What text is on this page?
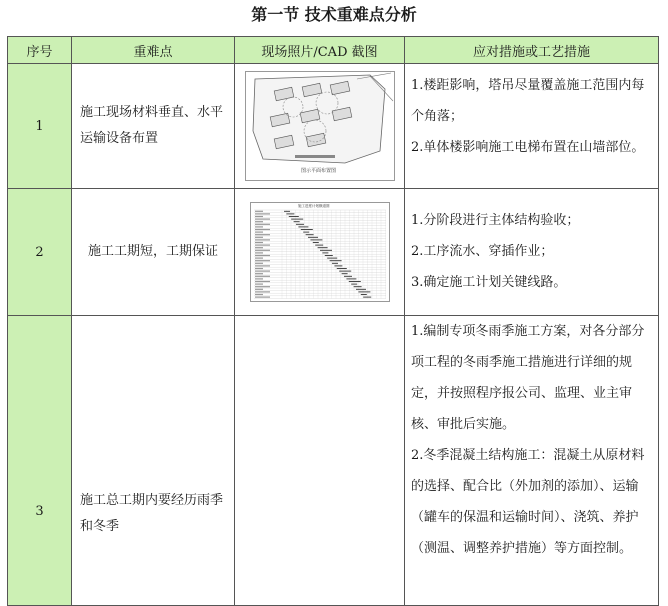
第一节 技术重难点分析
序号	重难点	现场照片/CAD 截图	应对措施或工艺措施
1	施工现场材料垂直、水平运输设备布置	图示平面布置图	1.楼距影响，塔吊尽量覆盖施工范围内每个角落；
2.单体楼影响施工电梯布置在山墙部位。

2	施工工期短，工期保证	施工进度计划横道图	1.分阶段进行主体结构验收；
2.工序流水、穿插作业；
3.确定施工计划关键线路。

3	施工总工期内要经历雨季和冬季		1.编制专项冬雨季施工方案，对各分部分项工程的冬雨季施工措施进行详细的规定，并按照程序报公司、监理、业主审核、审批后实施。
2.冬季混凝土结构施工：混凝土从原材料的选择、配合比（外加剂的添加）、运输（罐车的保温和运输时间）、浇筑、养护（测温、调整养护措施）等方面控制。
